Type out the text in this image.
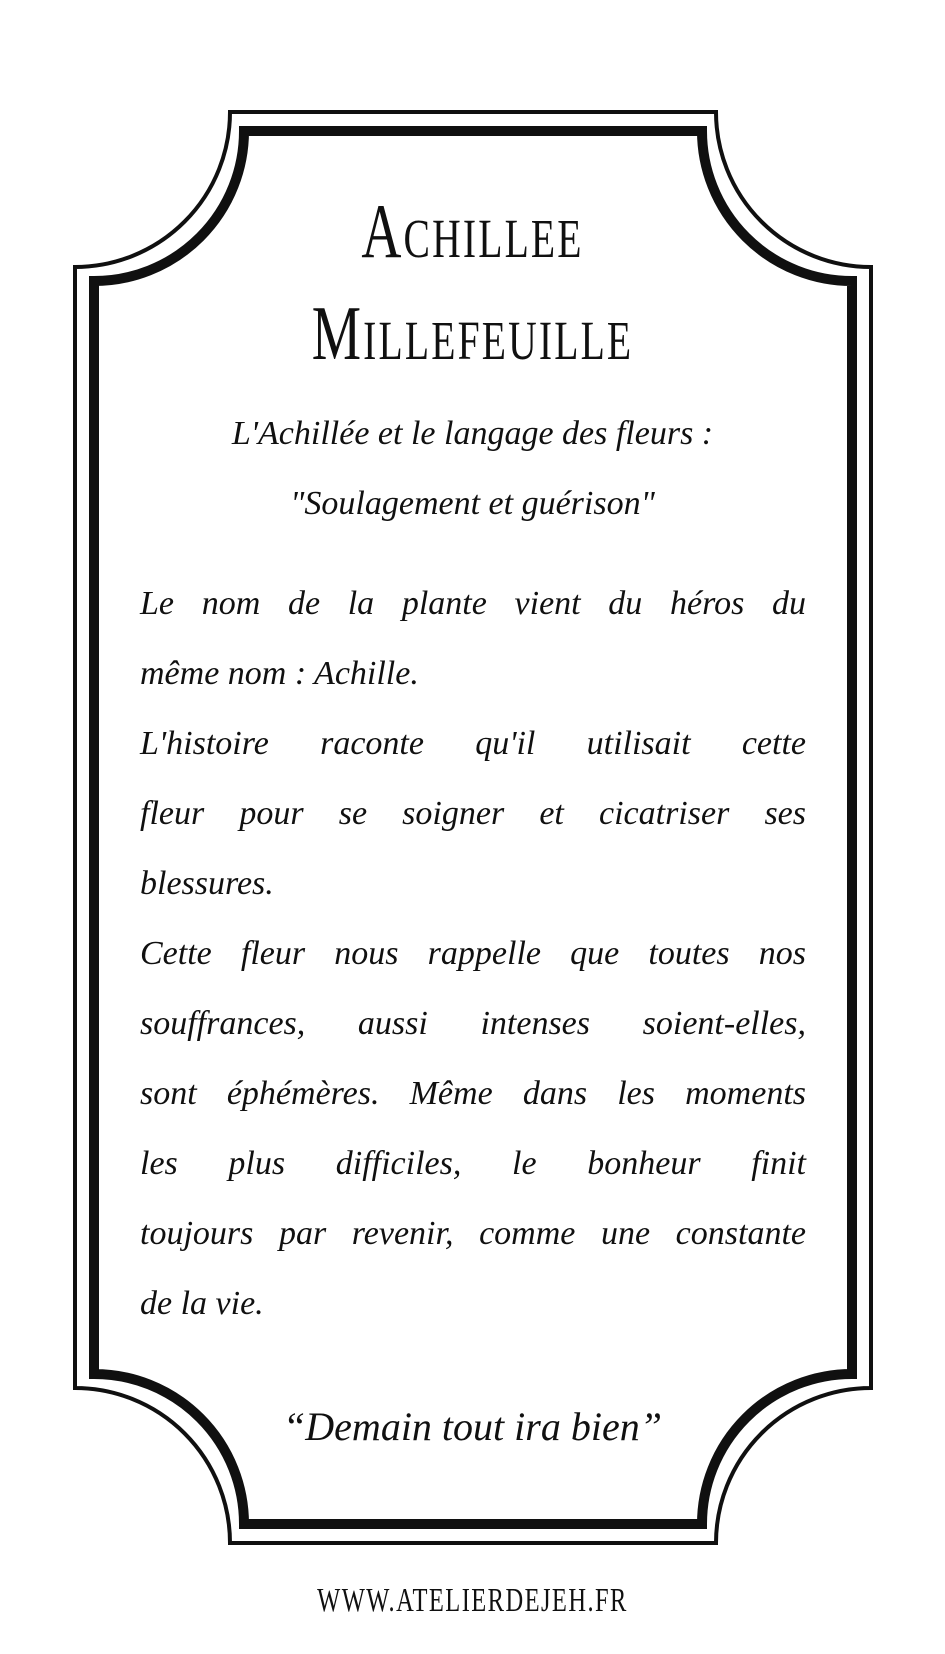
ACHILLEE
MILLEFEUILLE
L'Achillée et le langage des fleurs :
"Soulagement et guérison"
Le nom de la plante vient du héros du
même nom : Achille.
L'histoire raconte qu'il utilisait cette
fleur pour se soigner et cicatriser ses
blessures.
Cette fleur nous rappelle que toutes nos
souffrances, aussi intenses soient-elles,
sont éphémères. Même dans les moments
les plus difficiles, le bonheur finit
toujours par revenir, comme une constante
de la vie.
“Demain tout ira bien”
WWW.ATELIERDEJEH.FR
